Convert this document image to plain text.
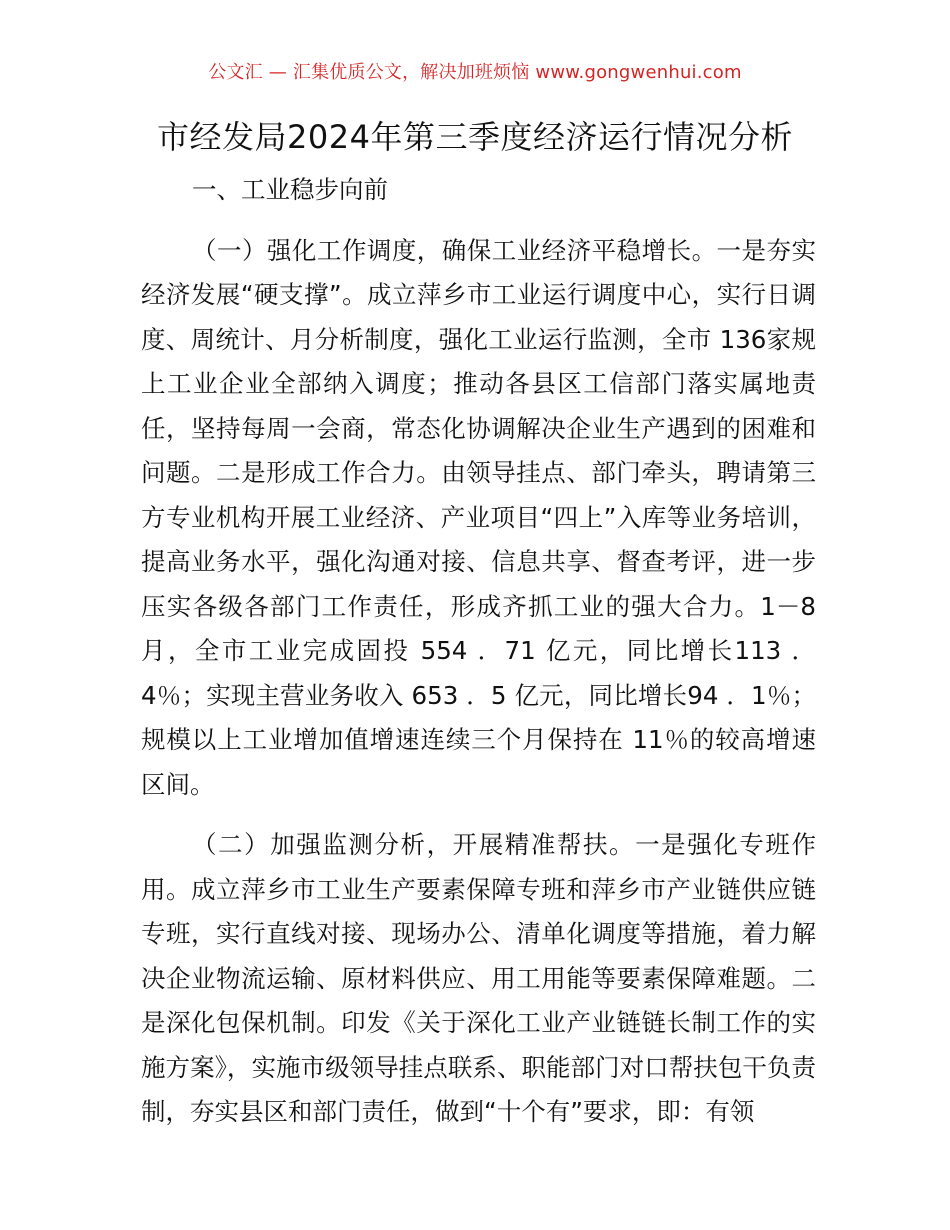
公文汇 — 汇集优质公文，解决加班烦恼 www.gongwenhui.com
市经发局2024年第三季度经济运行情况分析

一、工业稳步向前

（一）强化工作调度，确保工业经济平稳增长。一是夯实经济发展“硬支撑”。成立萍乡市工业运行调度中心，实行日调度、周统计、月分析制度，强化工业运行监测，全市 136家规上工业企业全部纳入调度；推动各县区工信部门落实属地责任，坚持每周一会商，常态化协调解决企业生产遇到的困难和问题。二是形成工作合力。由领导挂点、部门牵头，聘请第三方专业机构开展工业经济、产业项目“四上”入库等业务培训，提高业务水平，强化沟通对接、信息共享、督查考评，进一步压实各级各部门工作责任，形成齐抓工业的强大合力。1－8 月，全市工业完成固投 554 ．71 亿元，同比增长113 ．4％；实现主营业务收入 653 ．5 亿元，同比增长94 ．1％；规模以上工业增加值增速连续三个月保持在 11％的较高增速区间。

（二）加强监测分析，开展精准帮扶。一是强化专班作用。成立萍乡市工业生产要素保障专班和萍乡市产业链供应链专班，实行直线对接、现场办公、清单化调度等措施，着力解决企业物流运输、原材料供应、用工用能等要素保障难题。二是深化包保机制。印发《关于深化工业产业链链长制工作的实施方案》，实施市级领导挂点联系、职能部门对口帮扶包干负责制，夯实县区和部门责任，做到“十个有”要求，即：有领
